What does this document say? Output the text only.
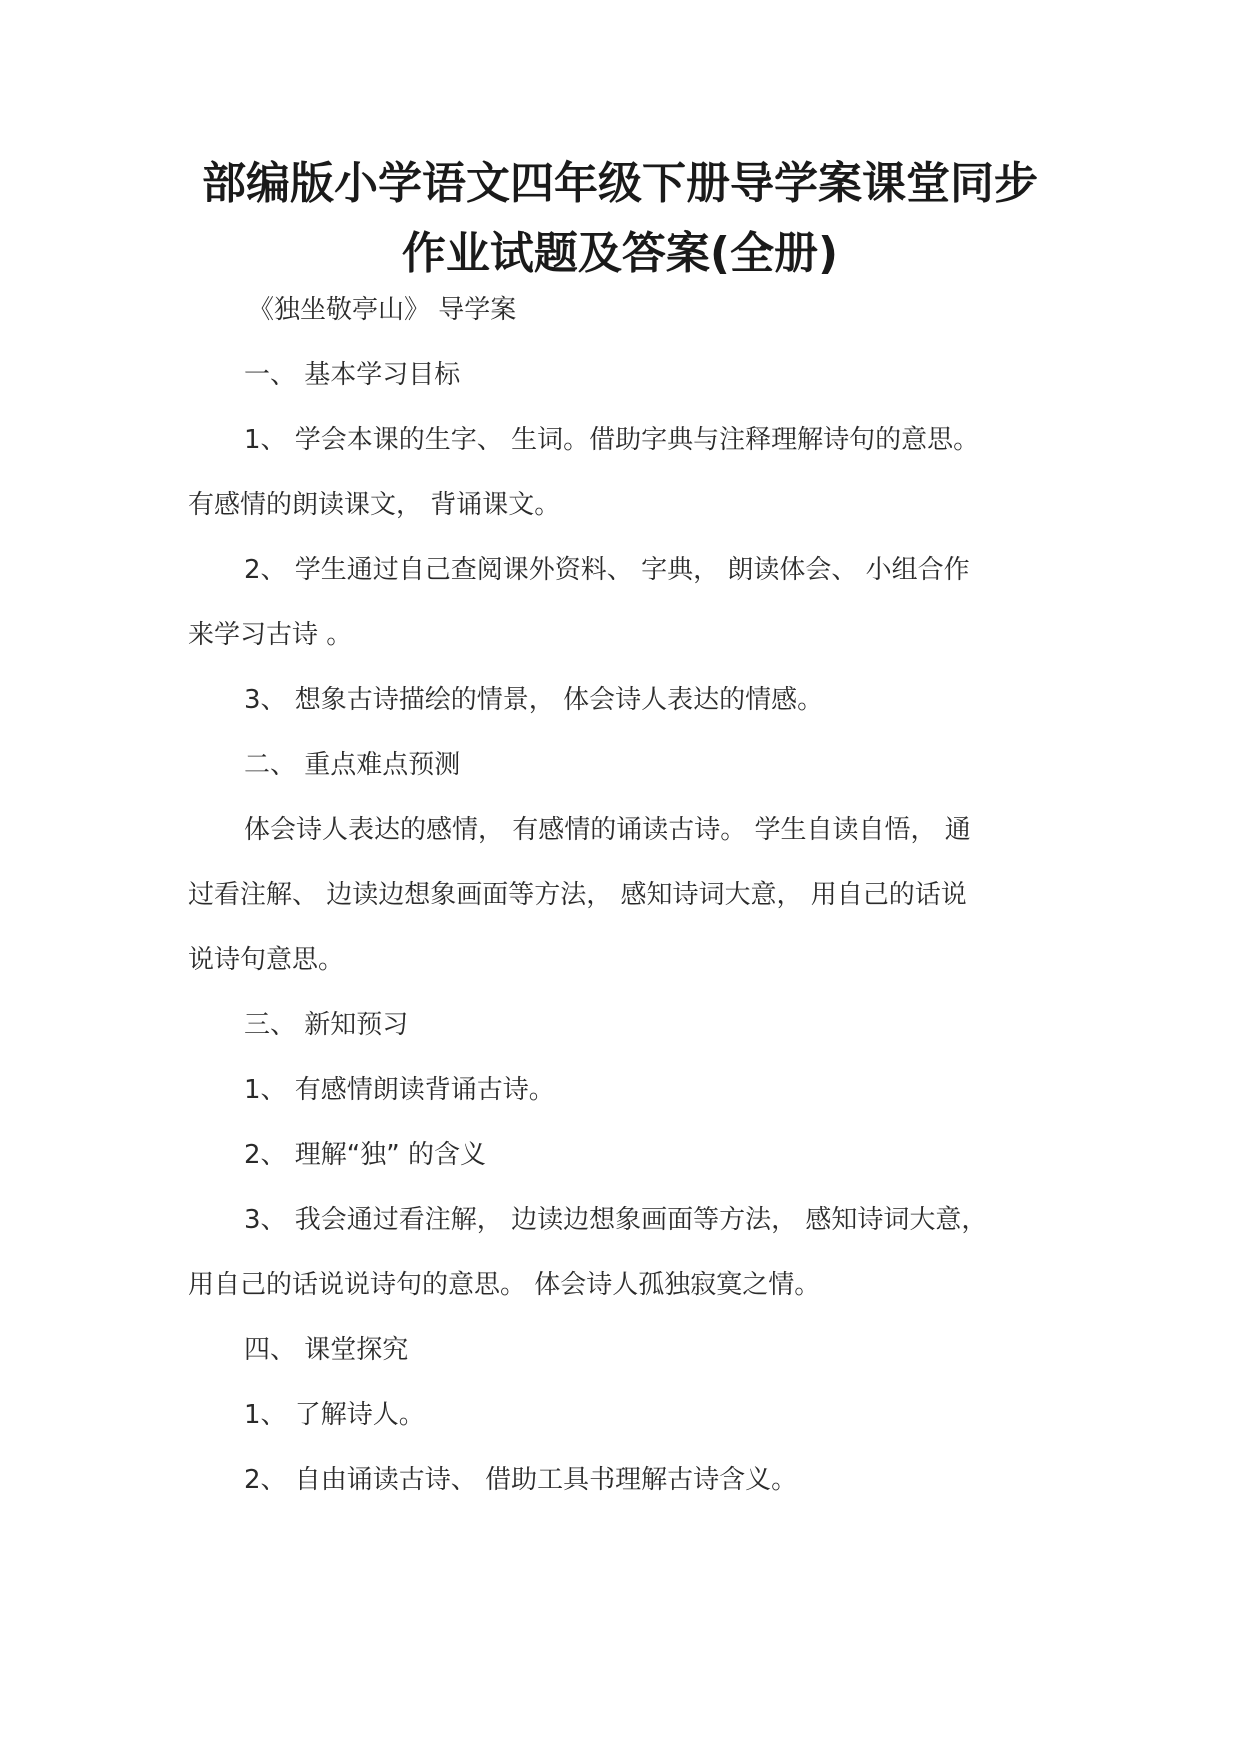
部编版小学语文四年级下册导学案课堂同步
作业试题及答案(全册)
《独坐敬亭山》 导学案
一、 基本学习目标
1、 学会本课的生字、 生词。借助字典与注释理解诗句的意思。
有感情的朗读课文， 背诵课文。
2、 学生通过自己查阅课外资料、 字典， 朗读体会、 小组合作
来学习古诗 。
3、 想象古诗描绘的情景， 体会诗人表达的情感。
二、 重点难点预测
体会诗人表达的感情， 有感情的诵读古诗。 学生自读自悟， 通
过看注解、 边读边想象画面等方法， 感知诗词大意， 用自己的话说
说诗句意思。
三、 新知预习
1、 有感情朗读背诵古诗。
2、 理解“独” 的含义
3、 我会通过看注解， 边读边想象画面等方法， 感知诗词大意，
用自己的话说说诗句的意思。 体会诗人孤独寂寞之情。
四、 课堂探究
1、 了解诗人。
2、 自由诵读古诗、 借助工具书理解古诗含义。
